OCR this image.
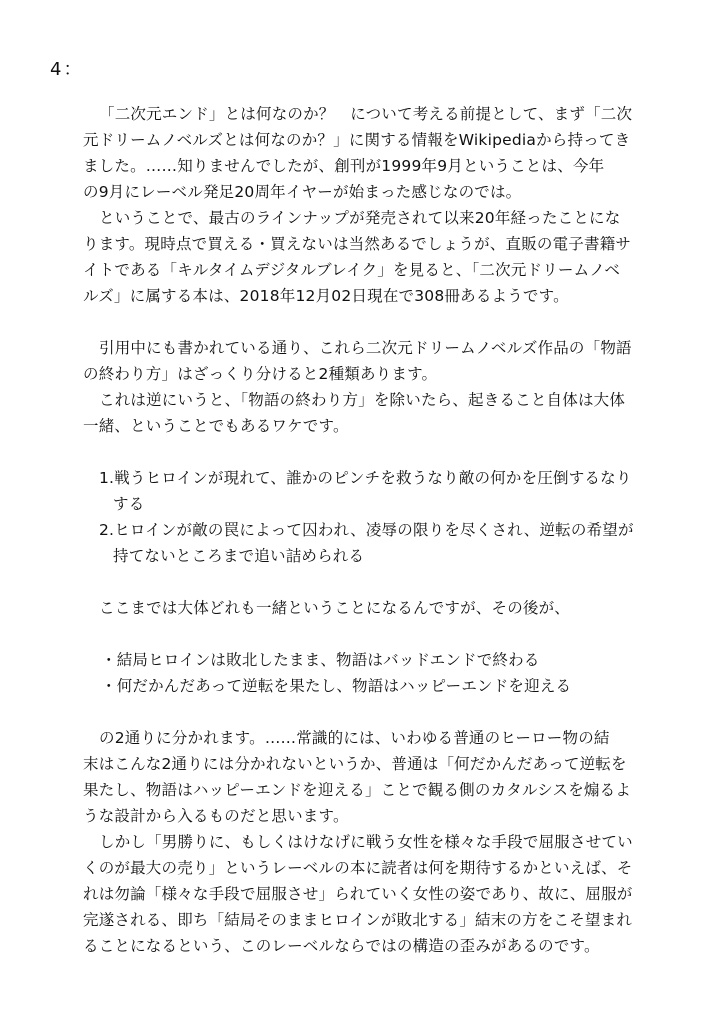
4：
「二次元エンド」とは何なのか？　について考える前提として、まず「二次
元ドリームノベルズとは何なのか？」に関する情報をWikipediaから持ってき
ました。……知りませんでしたが、創刊が1999年9月ということは、今年
の9月にレーベル発足20周年イヤーが始まった感じなのでは。
ということで、最古のラインナップが発売されて以来20年経ったことにな
ります。現時点で買える・買えないは当然あるでしょうが、直販の電子書籍サ
イトである「キルタイムデジタルブレイク」を見ると、「二次元ドリームノベ
ルズ」に属する本は、2018年12月02日現在で308冊あるようです。
引用中にも書かれている通り、これら二次元ドリームノベルズ作品の「物語
の終わり方」はざっくり分けると2種類あります。
これは逆にいうと、「物語の終わり方」を除いたら、起きること自体は大体
一緒、ということでもあるワケです。
1.戦うヒロインが現れて、誰かのピンチを救うなり敵の何かを圧倒するなり
する
2.ヒロインが敵の罠によって囚われ、凌辱の限りを尽くされ、逆転の希望が
持てないところまで追い詰められる
ここまでは大体どれも一緒ということになるんですが、その後が、
・結局ヒロインは敗北したまま、物語はバッドエンドで終わる
・何だかんだあって逆転を果たし、物語はハッピーエンドを迎える
の2通りに分かれます。……常識的には、いわゆる普通のヒーロー物の結
末はこんな2通りには分かれないというか、普通は「何だかんだあって逆転を
果たし、物語はハッピーエンドを迎える」ことで観る側のカタルシスを煽るよ
うな設計から入るものだと思います。
しかし「男勝りに、もしくはけなげに戦う女性を様々な手段で屈服させてい
くのが最大の売り」というレーベルの本に読者は何を期待するかといえば、そ
れは勿論「様々な手段で屈服させ」られていく女性の姿であり、故に、屈服が
完遂される、即ち「結局そのままヒロインが敗北する」結末の方をこそ望まれ
ることになるという、このレーベルならではの構造の歪みがあるのです。
